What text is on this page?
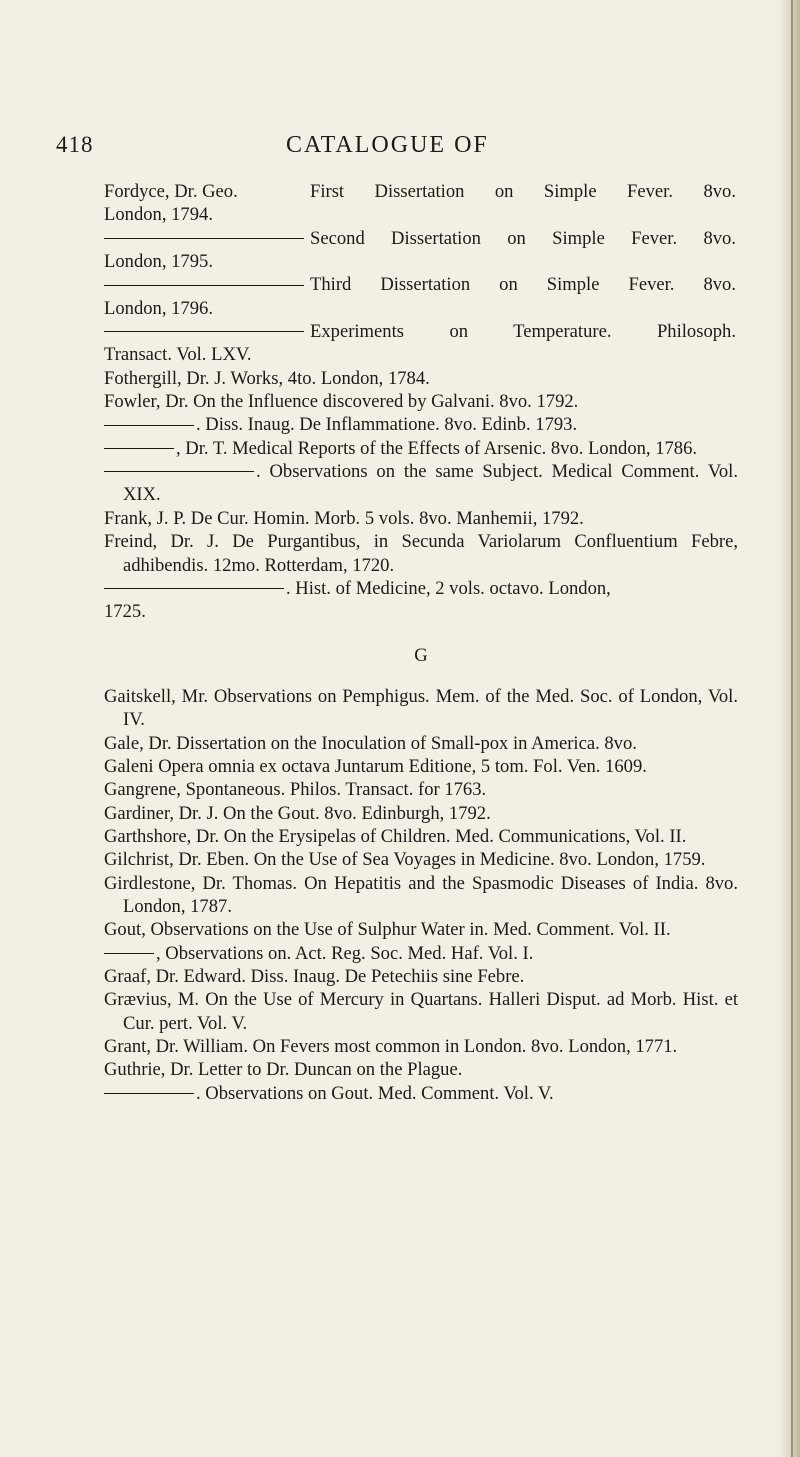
418	CATALOGUE OF
Fordyce, Dr. Geo.	First Dissertation on Simple Fever. 8vo.
London, 1794.
Second Dissertation on Simple Fever. 8vo.
London, 1795.
Third Dissertation on Simple Fever. 8vo.
London, 1796.
Experiments on Temperature. Philosoph.
Transact. Vol. LXV.
Fothergill, Dr. J. Works, 4to. London, 1784.
Fowler, Dr. On the Influence discovered by Galvani. 8vo. 1792.
. Diss. Inaug. De Inflammatione. 8vo. Edinb. 1793.
, Dr. T. Medical Reports of the Effects of Arsenic. 8vo. London, 1786.
. Observations on the same Subject. Medical Comment. Vol. XIX.
Frank, J. P. De Cur. Homin. Morb. 5 vols. 8vo. Manhemii, 1792.
Freind, Dr. J. De Purgantibus, in Secunda Variolarum Confluentium Febre, adhibendis. 12mo. Rotterdam, 1720.
. Hist. of Medicine, 2 vols. octavo. London,
1725.
G
Gaitskell, Mr. Observations on Pemphigus. Mem. of the Med. Soc. of London, Vol. IV.
Gale, Dr. Dissertation on the Inoculation of Small-pox in America. 8vo.
Galeni Opera omnia ex octava Juntarum Editione, 5 tom. Fol. Ven. 1609.
Gangrene, Spontaneous. Philos. Transact. for 1763.
Gardiner, Dr. J. On the Gout. 8vo. Edinburgh, 1792.
Garthshore, Dr. On the Erysipelas of Children. Med. Communications, Vol. II.
Gilchrist, Dr. Eben. On the Use of Sea Voyages in Medicine. 8vo. London, 1759.
Girdlestone, Dr. Thomas. On Hepatitis and the Spasmodic Diseases of India. 8vo. London, 1787.
Gout, Observations on the Use of Sulphur Water in. Med. Comment. Vol. II.
, Observations on. Act. Reg. Soc. Med. Haf. Vol. I.
Graaf, Dr. Edward. Diss. Inaug. De Petechiis sine Febre.
Grævius, M. On the Use of Mercury in Quartans. Halleri Disput. ad Morb. Hist. et Cur. pert. Vol. V.
Grant, Dr. William. On Fevers most common in London. 8vo. London, 1771.
Guthrie, Dr. Letter to Dr. Duncan on the Plague.
. Observations on Gout. Med. Comment. Vol. V.
